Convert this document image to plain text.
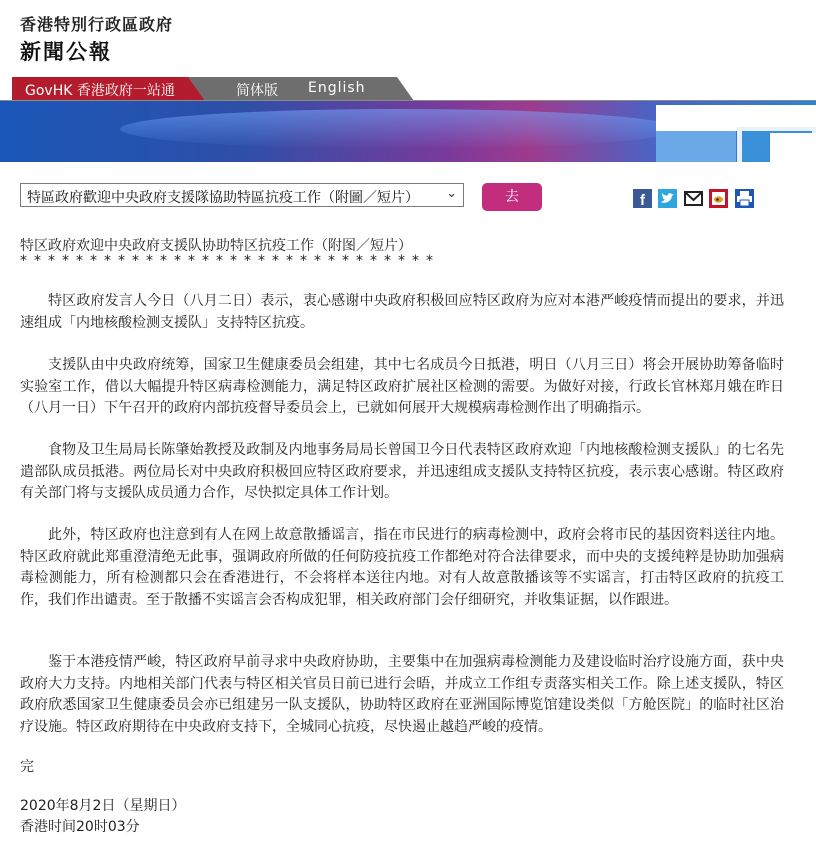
香港特別行政區政府
新聞公報
GovHK 香港政府一站通	简体版 English
特區政府歡迎中央政府支援隊協助特區抗疫工作（附圖／短片） ⌄	去	f
特区政府欢迎中央政府支援队协助特区抗疫工作（附图／短片）
******************************

特区政府发言人今日（八月二日）表示，衷心感谢中央政府积极回应特区政府为应对本港严峻疫情而提出的要求，并迅速组成「内地核酸检测支援队」支持特区抗疫。

支援队由中央政府统筹，国家卫生健康委员会组建，其中七名成员今日抵港，明日（八月三日）将会开展协助筹备临时实验室工作，借以大幅提升特区病毒检测能力，满足特区政府扩展社区检测的需要。为做好对接，行政长官林郑月娥在昨日（八月一日）下午召开的政府内部抗疫督导委员会上，已就如何展开大规模病毒检测作出了明确指示。

食物及卫生局局长陈肇始教授及政制及内地事务局局长曾国卫今日代表特区政府欢迎「内地核酸检测支援队」的七名先遣部队成员抵港。两位局长对中央政府积极回应特区政府要求，并迅速组成支援队支持特区抗疫，表示衷心感谢。特区政府有关部门将与支援队成员通力合作，尽快拟定具体工作计划。

此外，特区政府也注意到有人在网上故意散播谣言，指在市民进行的病毒检测中，政府会将市民的基因资料送往内地。特区政府就此郑重澄清绝无此事，强调政府所做的任何防疫抗疫工作都绝对符合法律要求，而中央的支援纯粹是协助加强病毒检测能力，所有检测都只会在香港进行，不会将样本送往内地。对有人故意散播该等不实谣言，打击特区政府的抗疫工作，我们作出谴责。至于散播不实谣言会否构成犯罪，相关政府部门会仔细研究，并收集证据，以作跟进。

鉴于本港疫情严峻，特区政府早前寻求中央政府协助，主要集中在加强病毒检测能力及建设临时治疗设施方面，获中央政府大力支持。内地相关部门代表与特区相关官员日前已进行会晤，并成立工作组专责落实相关工作。除上述支援队，特区政府欣悉国家卫生健康委员会亦已组建另一队支援队，协助特区政府在亚洲国际博览馆建设类似「方舱医院」的临时社区治疗设施。特区政府期待在中央政府支持下，全城同心抗疫，尽快遏止越趋严峻的疫情。

完
2020年8月2日（星期日）
香港时间20时03分
